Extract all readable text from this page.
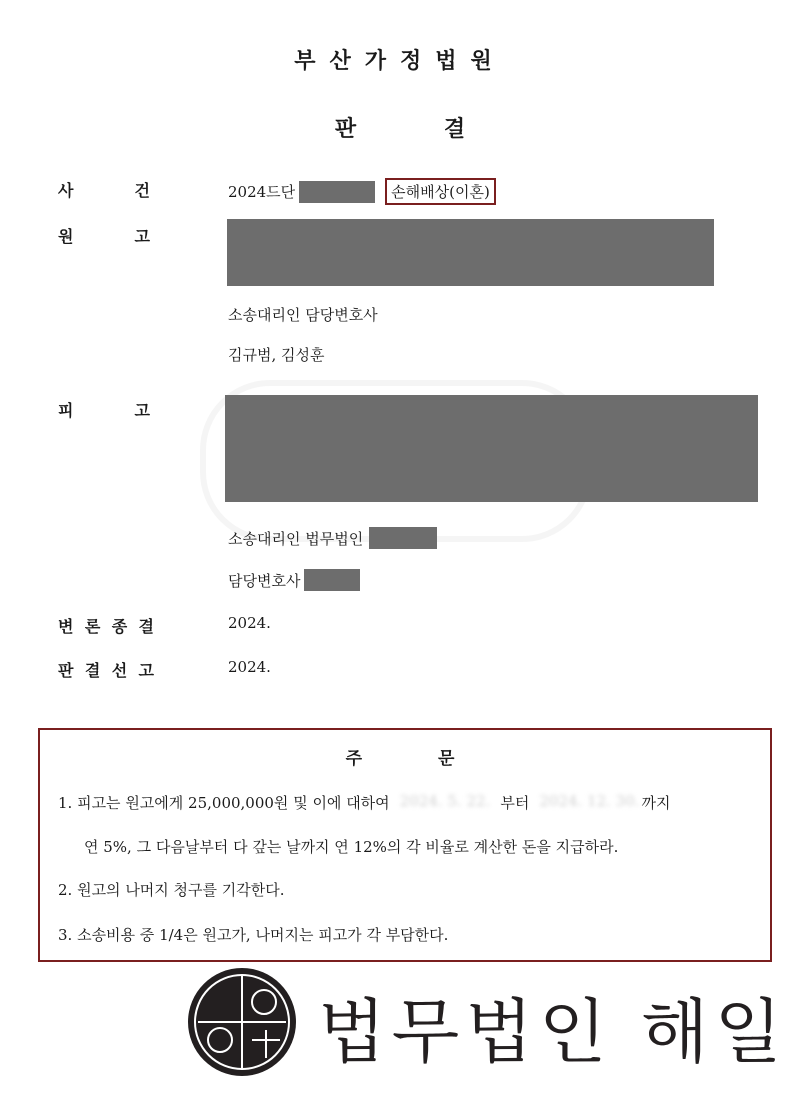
부산가정법원
판 결
사	건	2024드단	손해배상(이혼)
원	고
소송대리인 담당변호사
김규범, 김성훈
피	고
소송대리인 법무법인
담당변호사
변 론 종 결	2024.
판 결 선 고	2024.
주 문
1. 피고는 원고에게 25,000,000원 및 이에 대하여 2024. 5. 22. 부터 2024. 12. 30. 까지
연 5%, 그 다음날부터 다 갚는 날까지 연 12%의 각 비율로 계산한 돈을 지급하라.
2. 원고의 나머지 청구를 기각한다.
3. 소송비용 중 1/4은 원고가, 나머지는 피고가 각 부담한다.
법무법인 해일
